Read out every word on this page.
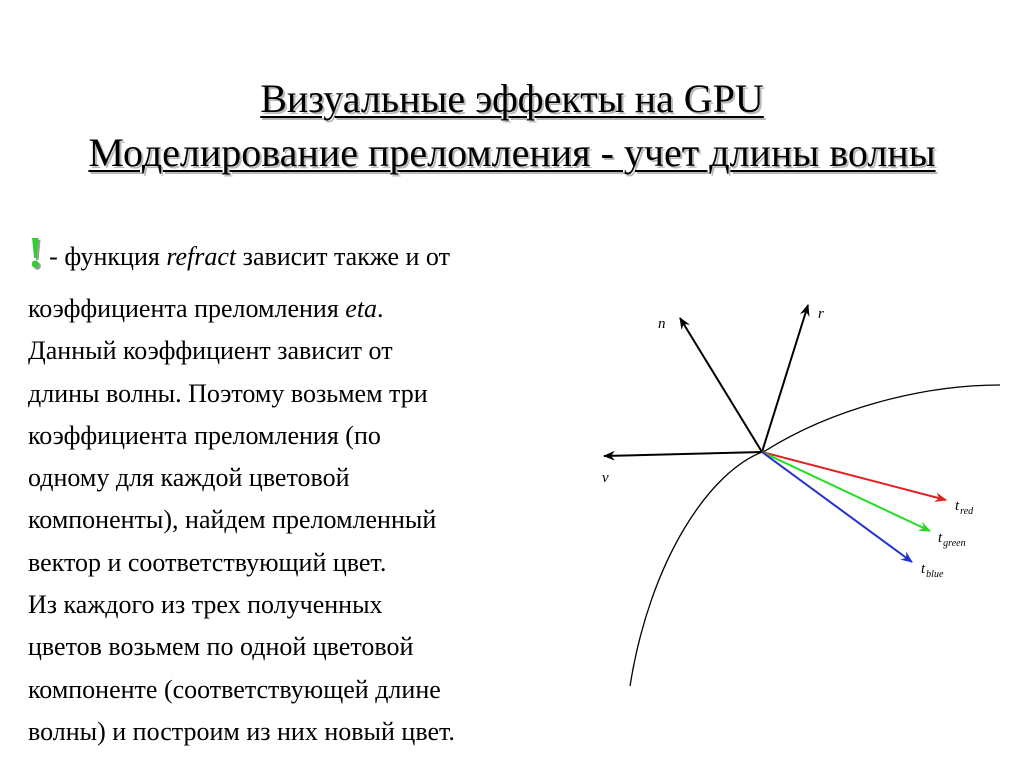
Визуальные эффекты на GPU
Моделирование преломления - учет длины волны
! - функция refract зависит также и от
коэффициента преломления eta.
Данный коэффициент зависит от
длины волны. Поэтому возьмем три
коэффициента преломления (по
одному для каждой цветовой
компоненты), найдем преломленный
вектор и соответствующий цвет.
Из каждого из трех полученных
цветов возьмем по одной цветовой
компоненте (соответствующей длине
волны) и построим из них новый цвет.
n
r
v
$t_{red}$
$t_{green}$
$t_{blue}$
